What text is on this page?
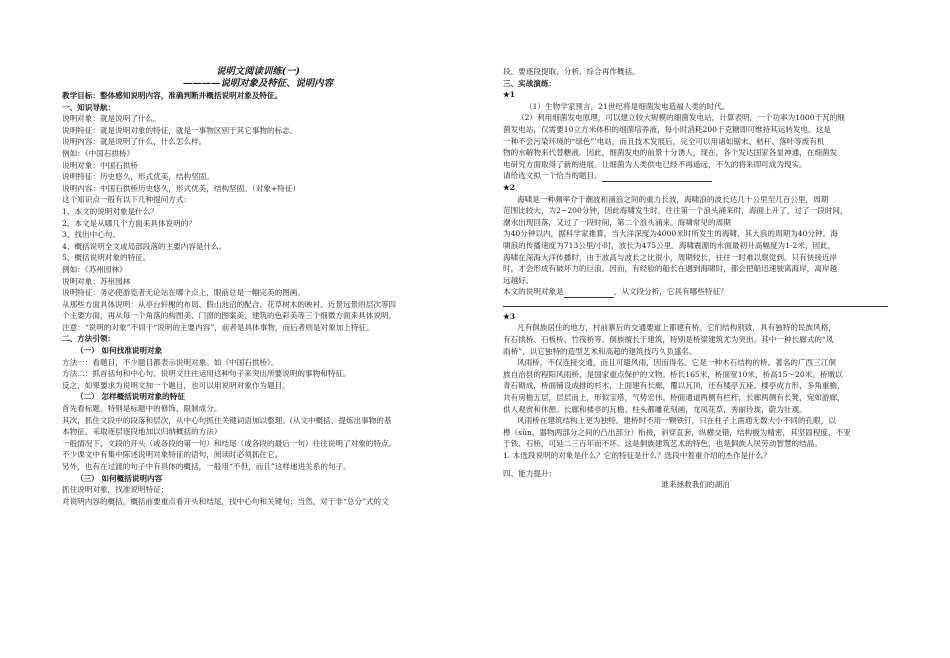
说明文阅读训练(一)
————说明对象及特征、说明内容
教学目标：整体感知说明内容，准确判断并概括说明对象及特征。
一、知识导航：
说明对象：就是说明了什么。
说明特征：就是说明对象的特征，就是一事物区别于其它事物的标志。
说明内容：就是说明了什么，什么怎么样。
例如：《中国石拱桥》
说明对象：中国石拱桥
说明特征：历史悠久，形式优美，结构坚固。
说明内容：中国石拱桥历史悠久，形式优美，结构坚固。（对象+特征）
这个知识点一般有以下几种提问方式：
1、本文的说明对象是什么？
2、本文是从哪几个方面来具体说明的？
3、找出中心句。
4、概括说明全文或局部段落的主要内容是什么。
5、概括说明对象的特征。
例如：《苏州园林》
说明对象：苏州园林
说明特征：务必使游览者无论站在哪个点上，眼前总是一幅完美的图画。
从那些方面具体说明：从亭台轩榭的布局、假山池沼的配合、花草树木的映衬、近景远景的层次等四
个主要方面，再从每一个角落的构图美、门窗的图案美、建筑的色彩美等三个细微方面来具体说明。
注意：“说明的对象”不同于“说明的主要内容”，前者是具体事物，而后者则是对象加上特征。
二、方法引领：
（一） 如何找准说明对象
方法一：看题目，不少题目都表示说明对象。如《中国石拱桥》。
方法二：抓首括句和中心句。说明文往往运用这种句子来突出所要说明的事物和特征。
反之，如果要求为说明文加一个题目，也可以用说明对象作为题目。
（二） 怎样概括说明对象的特征
首先看标题，特别是标题中的修饰、限制成分。
其次，抓住文段中的段落和层次，从中心句抓住关键词语加以整理。(从文中概括、提炼出事物的基
本物征。采取逐层逐段地加以归纳概括的方法）
一般情况下，文段的开头（或各段的第一句）和结尾（或各段的最后一句）往往说明了对象的特点。
不少课文中有集中陈述说明对象特征的语句，阅读时必须抓住它。
另外，也有在过渡的句子中有具体的概括，一般用“不但，而且”这样递进关系的句子。
（三） 如何概括说明内容
抓住说明对象，找准说明特征；
对说明内容的概括，概括前要重点看开头和结尾，找中心句和关键句；当然，对于非“总分”式的文
段，要逐段提取、分析、综合再作概括。
三、实战演练：
★1
（1）生物学家预言，21世纪将是细菌发电造福人类的时代。
（2）利用细菌发电原理，可以建立较大规模的细菌发电站，计算表明，一个功率为1000千瓦的细
菌发电站，仅需要10立方米体积的细菌培养液，每小时消耗200千克糖即可维持其运转发电。这是
一种不会污染环境的“绿色”’电站，而且技术发展后，完全可以用诸如锯末、秸秆、落叶等废有机
物的水解物来代替糖液。因此，细菌发电的前景十分诱人，现在，各个发达国家各显神通，在细菌发
电研究方面取得了新的进展。让细菌为人类供电已经不再遥远，不久的将来即可成为现实。
请给选文拟一个恰当的题目。
★2
海啸是一种频率介于潮波和涌浪之间的重力长波，海啸浪的波长达几十公里至几百公里，周期
范围比较大，为2~200分钟，因此海啸发生时，往往第一个浪头涌来时，海面上升了，过了一段时间，
潮水出现回落，又过了一段时间，第二个浪头涌来。海啸常见的周期
为40分钟以内，据科学家推算，当大洋深度为4000米时所发生的海啸，其大浪的周期为40分钟。海
啸浪的传播速度为713公里/小时，波长为475公里。海啸震源的水面最初升高幅度为1-2米，因此，
海啸在深海大洋传播时，由于波高与波长之比很小，周期较长，往往一时难以察觉到。只有快接近岸
时，才会形成有破坏力的巨浪。因而，有经验的船长在遇到海啸时，都会把船迅速驶离海岸，离岸越
远越好。
本文的说明对象是	，从文段分析，它具有哪些特征？
★3
凡有侗族居住的地方，村前寨后的交通要道上都建有桥。它们结构别致，具有独特的民族风格，
有石拱桥、石板桥、竹筏桥等。侗族擅长于建筑，特别是桥梁建筑尤为突出。其中一种长廊式的“风
雨桥”，以它独特的造型艺术和高超的建筑技巧久负盛名。
风雨桥，不仅连接交通，而且可避风雨，因而得名。它是一种木石结构的桥。著名的广西三江侗
族自治县的程阳风雨桥，是国家重点保护的文物。桥长165米，桥面宽10米，桥高15～20米。桥墩以
青石砌成，桥面铺设成排的杉木，上面建有长廊，覆以瓦顶，还有楼亭五座。楼亭成方形，多角重檐，
共有房檐五层，层层而上，形似宝塔，气势宏伟。桥面通道两侧有栏杆，长廊两侧有长凳，宛如游廊，
供人观赏和休憩。长廊和楼亭的瓦檐、柱头都雕花刻画，龙凤花草，秀丽玲珑，蔚为壮观。
风雨桥在建筑结构上更为独特。建桥时不用一颗铁钉，只在柱子上凿通无数大小不同的孔眼，以
榫（sǔn，器物两部分之间的凸出部分）衔接，斜穿直套，纵横交错，结构极为精密，其坚固程度，不亚
于铁、石桥，可延二三百年而不坏。这是侗族建筑艺术的特色，也是侗族人民劳动智慧的结晶。
1. 本选段说明的对象是什么？它的特征是什么？选段中着重介绍的杰作是什么？
四、能力提升：
谁来拯救我们的湖泊
